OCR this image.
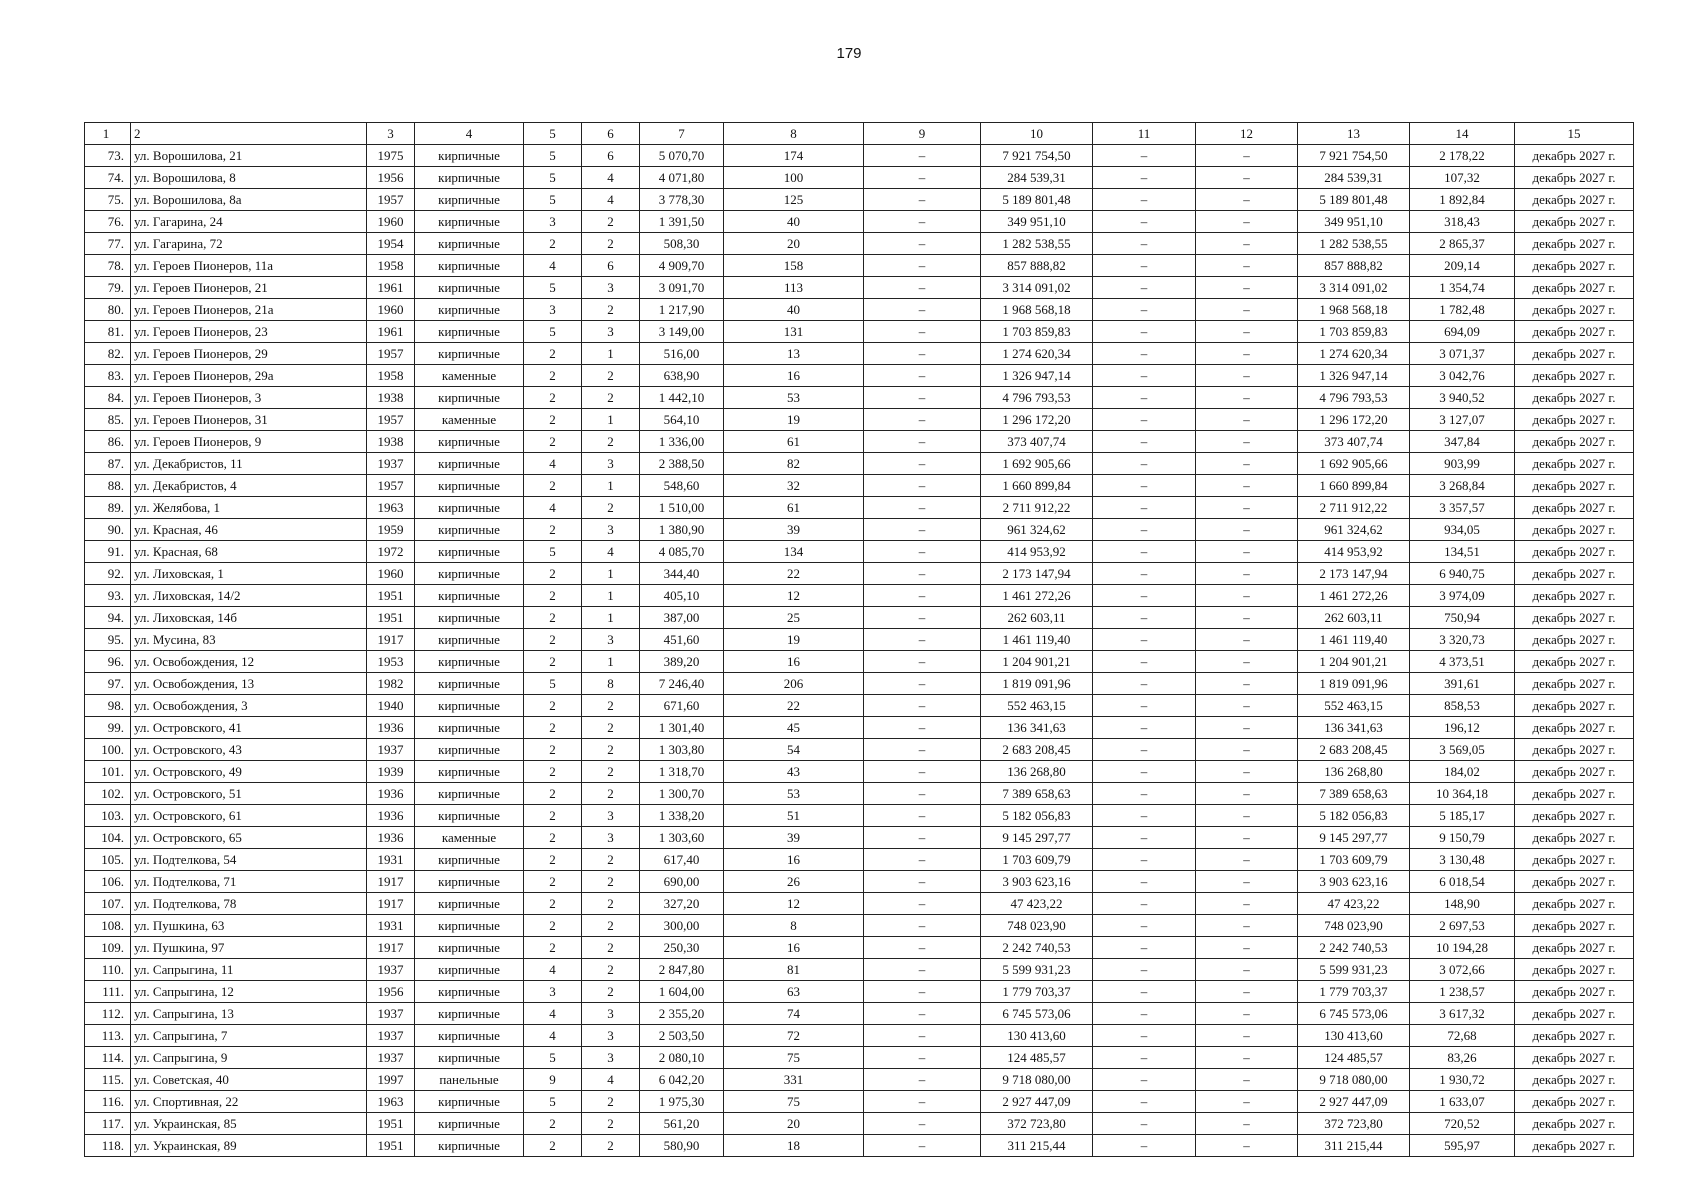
179
1	2	3	4	5	6	7	8	9	10	11	12	13	14	15
73.	ул. Ворошилова, 21	1975	кирпичные	5	6	5 070,70	174	–	7 921 754,50	–	–	7 921 754,50	2 178,22	декабрь 2027 г.
74.	ул. Ворошилова, 8	1956	кирпичные	5	4	4 071,80	100	–	284 539,31	–	–	284 539,31	107,32	декабрь 2027 г.
75.	ул. Ворошилова, 8а	1957	кирпичные	5	4	3 778,30	125	–	5 189 801,48	–	–	5 189 801,48	1 892,84	декабрь 2027 г.
76.	ул. Гагарина, 24	1960	кирпичные	3	2	1 391,50	40	–	349 951,10	–	–	349 951,10	318,43	декабрь 2027 г.
77.	ул. Гагарина, 72	1954	кирпичные	2	2	508,30	20	–	1 282 538,55	–	–	1 282 538,55	2 865,37	декабрь 2027 г.
78.	ул. Героев Пионеров, 11а	1958	кирпичные	4	6	4 909,70	158	–	857 888,82	–	–	857 888,82	209,14	декабрь 2027 г.
79.	ул. Героев Пионеров, 21	1961	кирпичные	5	3	3 091,70	113	–	3 314 091,02	–	–	3 314 091,02	1 354,74	декабрь 2027 г.
80.	ул. Героев Пионеров, 21а	1960	кирпичные	3	2	1 217,90	40	–	1 968 568,18	–	–	1 968 568,18	1 782,48	декабрь 2027 г.
81.	ул. Героев Пионеров, 23	1961	кирпичные	5	3	3 149,00	131	–	1 703 859,83	–	–	1 703 859,83	694,09	декабрь 2027 г.
82.	ул. Героев Пионеров, 29	1957	кирпичные	2	1	516,00	13	–	1 274 620,34	–	–	1 274 620,34	3 071,37	декабрь 2027 г.
83.	ул. Героев Пионеров, 29а	1958	каменные	2	2	638,90	16	–	1 326 947,14	–	–	1 326 947,14	3 042,76	декабрь 2027 г.
84.	ул. Героев Пионеров, 3	1938	кирпичные	2	2	1 442,10	53	–	4 796 793,53	–	–	4 796 793,53	3 940,52	декабрь 2027 г.
85.	ул. Героев Пионеров, 31	1957	каменные	2	1	564,10	19	–	1 296 172,20	–	–	1 296 172,20	3 127,07	декабрь 2027 г.
86.	ул. Героев Пионеров, 9	1938	кирпичные	2	2	1 336,00	61	–	373 407,74	–	–	373 407,74	347,84	декабрь 2027 г.
87.	ул. Декабристов, 11	1937	кирпичные	4	3	2 388,50	82	–	1 692 905,66	–	–	1 692 905,66	903,99	декабрь 2027 г.
88.	ул. Декабристов, 4	1957	кирпичные	2	1	548,60	32	–	1 660 899,84	–	–	1 660 899,84	3 268,84	декабрь 2027 г.
89.	ул. Желябова, 1	1963	кирпичные	4	2	1 510,00	61	–	2 711 912,22	–	–	2 711 912,22	3 357,57	декабрь 2027 г.
90.	ул. Красная, 46	1959	кирпичные	2	3	1 380,90	39	–	961 324,62	–	–	961 324,62	934,05	декабрь 2027 г.
91.	ул. Красная, 68	1972	кирпичные	5	4	4 085,70	134	–	414 953,92	–	–	414 953,92	134,51	декабрь 2027 г.
92.	ул. Лиховская, 1	1960	кирпичные	2	1	344,40	22	–	2 173 147,94	–	–	2 173 147,94	6 940,75	декабрь 2027 г.
93.	ул. Лиховская, 14/2	1951	кирпичные	2	1	405,10	12	–	1 461 272,26	–	–	1 461 272,26	3 974,09	декабрь 2027 г.
94.	ул. Лиховская, 14б	1951	кирпичные	2	1	387,00	25	–	262 603,11	–	–	262 603,11	750,94	декабрь 2027 г.
95.	ул. Мусина, 83	1917	кирпичные	2	3	451,60	19	–	1 461 119,40	–	–	1 461 119,40	3 320,73	декабрь 2027 г.
96.	ул. Освобождения, 12	1953	кирпичные	2	1	389,20	16	–	1 204 901,21	–	–	1 204 901,21	4 373,51	декабрь 2027 г.
97.	ул. Освобождения, 13	1982	кирпичные	5	8	7 246,40	206	–	1 819 091,96	–	–	1 819 091,96	391,61	декабрь 2027 г.
98.	ул. Освобождения, 3	1940	кирпичные	2	2	671,60	22	–	552 463,15	–	–	552 463,15	858,53	декабрь 2027 г.
99.	ул. Островского, 41	1936	кирпичные	2	2	1 301,40	45	–	136 341,63	–	–	136 341,63	196,12	декабрь 2027 г.
100.	ул. Островского, 43	1937	кирпичные	2	2	1 303,80	54	–	2 683 208,45	–	–	2 683 208,45	3 569,05	декабрь 2027 г.
101.	ул. Островского, 49	1939	кирпичные	2	2	1 318,70	43	–	136 268,80	–	–	136 268,80	184,02	декабрь 2027 г.
102.	ул. Островского, 51	1936	кирпичные	2	2	1 300,70	53	–	7 389 658,63	–	–	7 389 658,63	10 364,18	декабрь 2027 г.
103.	ул. Островского, 61	1936	кирпичные	2	3	1 338,20	51	–	5 182 056,83	–	–	5 182 056,83	5 185,17	декабрь 2027 г.
104.	ул. Островского, 65	1936	каменные	2	3	1 303,60	39	–	9 145 297,77	–	–	9 145 297,77	9 150,79	декабрь 2027 г.
105.	ул. Подтелкова, 54	1931	кирпичные	2	2	617,40	16	–	1 703 609,79	–	–	1 703 609,79	3 130,48	декабрь 2027 г.
106.	ул. Подтелкова, 71	1917	кирпичные	2	2	690,00	26	–	3 903 623,16	–	–	3 903 623,16	6 018,54	декабрь 2027 г.
107.	ул. Подтелкова, 78	1917	кирпичные	2	2	327,20	12	–	47 423,22	–	–	47 423,22	148,90	декабрь 2027 г.
108.	ул. Пушкина, 63	1931	кирпичные	2	2	300,00	8	–	748 023,90	–	–	748 023,90	2 697,53	декабрь 2027 г.
109.	ул. Пушкина, 97	1917	кирпичные	2	2	250,30	16	–	2 242 740,53	–	–	2 242 740,53	10 194,28	декабрь 2027 г.
110.	ул. Сапрыгина, 11	1937	кирпичные	4	2	2 847,80	81	–	5 599 931,23	–	–	5 599 931,23	3 072,66	декабрь 2027 г.
111.	ул. Сапрыгина, 12	1956	кирпичные	3	2	1 604,00	63	–	1 779 703,37	–	–	1 779 703,37	1 238,57	декабрь 2027 г.
112.	ул. Сапрыгина, 13	1937	кирпичные	4	3	2 355,20	74	–	6 745 573,06	–	–	6 745 573,06	3 617,32	декабрь 2027 г.
113.	ул. Сапрыгина, 7	1937	кирпичные	4	3	2 503,50	72	–	130 413,60	–	–	130 413,60	72,68	декабрь 2027 г.
114.	ул. Сапрыгина, 9	1937	кирпичные	5	3	2 080,10	75	–	124 485,57	–	–	124 485,57	83,26	декабрь 2027 г.
115.	ул. Советская, 40	1997	панельные	9	4	6 042,20	331	–	9 718 080,00	–	–	9 718 080,00	1 930,72	декабрь 2027 г.
116.	ул. Спортивная, 22	1963	кирпичные	5	2	1 975,30	75	–	2 927 447,09	–	–	2 927 447,09	1 633,07	декабрь 2027 г.
117.	ул. Украинская, 85	1951	кирпичные	2	2	561,20	20	–	372 723,80	–	–	372 723,80	720,52	декабрь 2027 г.
118.	ул. Украинская, 89	1951	кирпичные	2	2	580,90	18	–	311 215,44	–	–	311 215,44	595,97	декабрь 2027 г.
